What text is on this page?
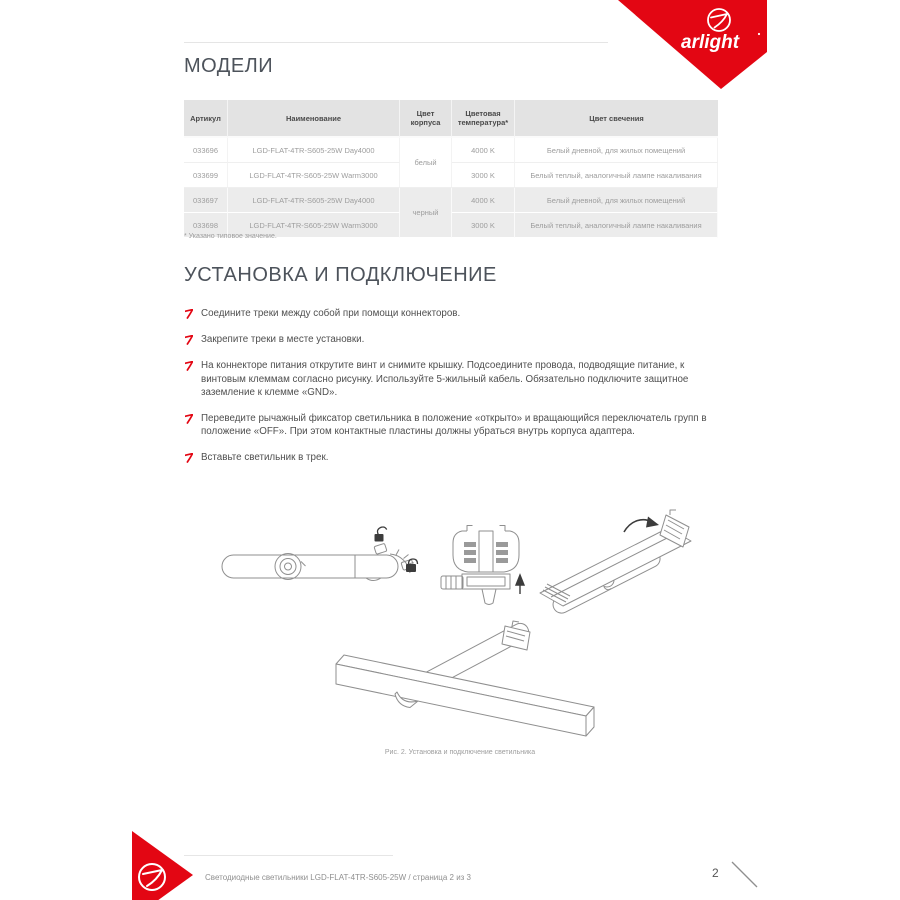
arlight
МОДЕЛИ
Артикул	Наименование	Цвет корпуса	Цветовая температура*	Цвет свечения
033696	LGD-FLAT-4TR-S605-25W Day4000	белый	4000 K	Белый дневной, для жилых помещений
033699	LGD-FLAT-4TR-S605-25W Warm3000		3000 K	Белый теплый, аналогичный лампе накаливания
033697	LGD-FLAT-4TR-S605-25W Day4000	черный	4000 K	Белый дневной, для жилых помещений
033698	LGD-FLAT-4TR-S605-25W Warm3000		3000 K	Белый теплый, аналогичный лампе накаливания
* Указано типовое значение.
УСТАНОВКА И ПОДКЛЮЧЕНИЕ
Соедините треки между собой при помощи коннекторов.
Закрепите треки в месте установки.
На коннекторе питания открутите винт и снимите крышку. Подсоедините провода, подводящие питание, к винтовым клеммам согласно рисунку. Используйте 5-жильный кабель. Обязательно подключите защитное заземление к клемме «GND».
Переведите рычажный фиксатор светильника в положение «открыто» и вращающийся переключатель групп в положение «OFF». При этом контактные пластины должны убраться внутрь корпуса адаптера.
Вставьте светильник в трек.
Рис. 2. Установка и подключение светильника
Светодиодные светильники LGD-FLAT-4TR-S605-25W / страница 2 из 3	2
